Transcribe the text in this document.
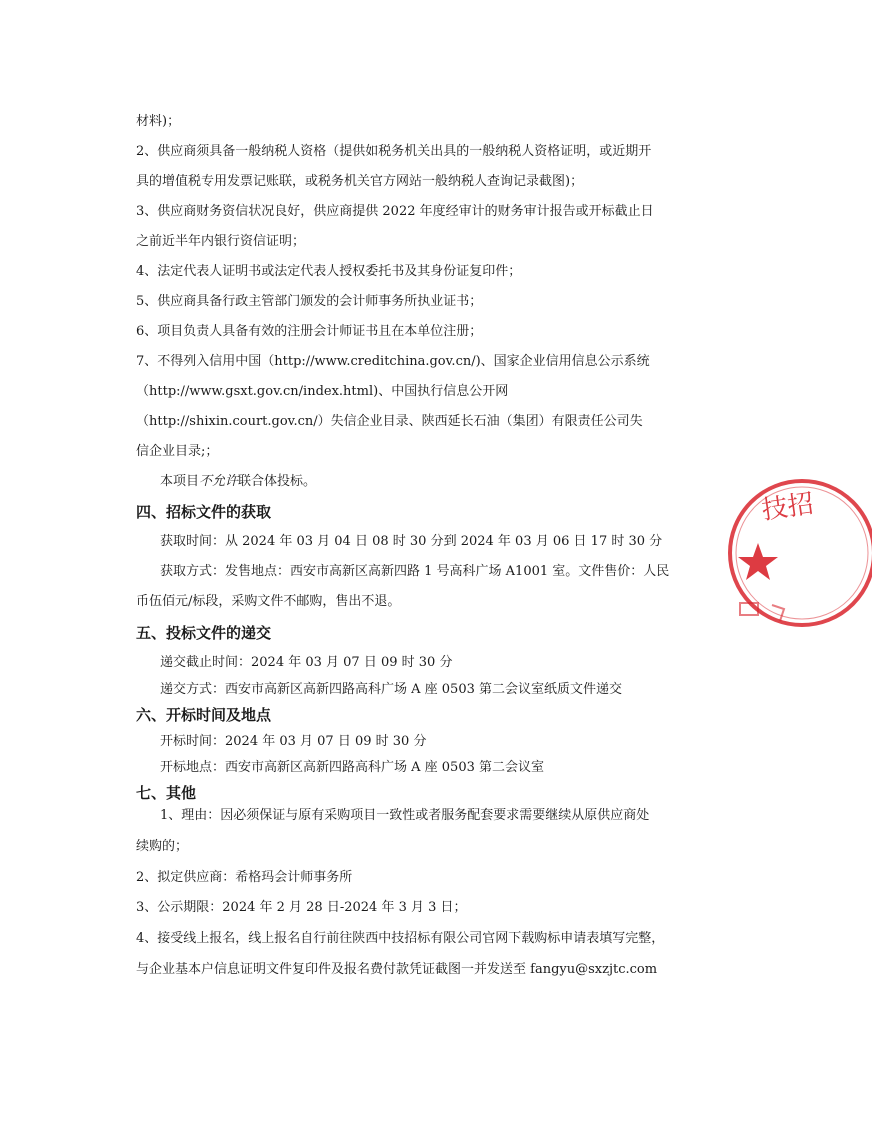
材料)；
2、供应商须具备一般纳税人资格（提供如税务机关出具的一般纳税人资格证明，或近期开
具的增值税专用发票记账联，或税务机关官方网站一般纳税人查询记录截图)；
3、供应商财务资信状况良好，供应商提供 2022 年度经审计的财务审计报告或开标截止日
之前近半年内银行资信证明；
4、法定代表人证明书或法定代表人授权委托书及其身份证复印件；
5、供应商具备行政主管部门颁发的会计师事务所执业证书；
6、项目负责人具备有效的注册会计师证书且在本单位注册；
7、不得列入信用中国（http://www.creditchina.gov.cn/)、国家企业信用信息公示系统
（http://www.gsxt.gov.cn/index.html)、中国执行信息公开网
（http://shixin.court.gov.cn/）失信企业目录、陕西延长石油（集团）有限责任公司失
信企业目录;；
本项目不允许联合体投标。
四、招标文件的获取
获取时间：从 2024 年 03 月 04 日 08 时 30 分到 2024 年 03 月 06 日 17 时 30 分
获取方式：发售地点：西安市高新区高新四路 1 号高科广场 A1001 室。文件售价：人民
币伍佰元/标段，采购文件不邮购，售出不退。
五、投标文件的递交
递交截止时间：2024 年 03 月 07 日 09 时 30 分
递交方式：西安市高新区高新四路高科广场 A 座 0503 第二会议室纸质文件递交
六、开标时间及地点
开标时间：2024 年 03 月 07 日 09 时 30 分
开标地点：西安市高新区高新四路高科广场 A 座 0503 第二会议室
七、其他
1、理由：因必须保证与原有采购项目一致性或者服务配套要求需要继续从原供应商处
续购的；
2、拟定供应商：希格玛会计师事务所
3、公示期限：2024 年 2 月 28 日-2024 年 3 月 3 日；
4、接受线上报名，线上报名自行前往陕西中技招标有限公司官网下载购标申请表填写完整，
与企业基本户信息证明文件复印件及报名费付款凭证截图一并发送至 fangyu@sxzjtc.com
技招
